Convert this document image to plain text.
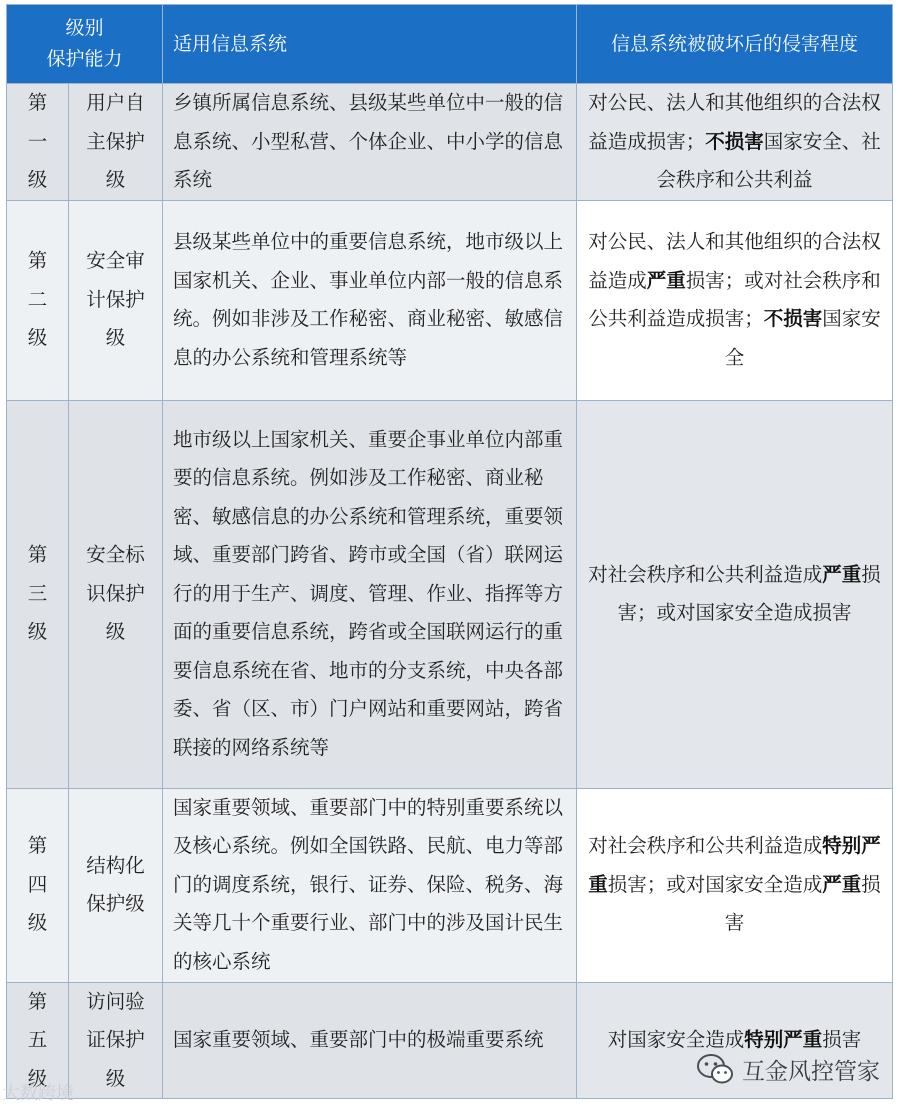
级别
保护能力		适用信息系统	信息系统被破坏后的侵害程度

第
一
级	用户自
主保护
级	乡镇所属信息系统、县级某些单位中一般的信息系统、小型私营、个体企业、中小学的信息系统	对公民、法人和其他组织的合法权益造成损害；不损害国家安全、社会秩序和公共利益

第
二
级	安全审
计保护
级	县级某些单位中的重要信息系统，地市级以上国家机关、企业、事业单位内部一般的信息系统。例如非涉及工作秘密、商业秘密、敏感信息的办公系统和管理系统等	对公民、法人和其他组织的合法权益造成严重损害；或对社会秩序和公共利益造成损害；不损害国家安全

第
三
级	安全标
识保护
级	地市级以上国家机关、重要企事业单位内部重要的信息系统。例如涉及工作秘密、商业秘密、敏感信息的办公系统和管理系统，重要领域、重要部门跨省、跨市或全国（省）联网运行的用于生产、调度、管理、作业、指挥等方面的重要信息系统，跨省或全国联网运行的重要信息系统在省、地市的分支系统，中央各部委、省（区、市）门户网站和重要网站，跨省联接的网络系统等	对社会秩序和公共利益造成严重损害；或对国家安全造成损害

第
四
级	结构化
保护级	国家重要领域、重要部门中的特别重要系统以及核心系统。例如全国铁路、民航、电力等部门的调度系统，银行、证券、保险、税务、海关等几十个重要行业、部门中的涉及国计民生的核心系统	对社会秩序和公共利益造成特别严重损害；或对国家安全造成严重损害

第
五
级	访问验
证保护
级	国家重要领域、重要部门中的极端重要系统	对国家安全造成特别严重损害
大数跨境
互金风控管家
